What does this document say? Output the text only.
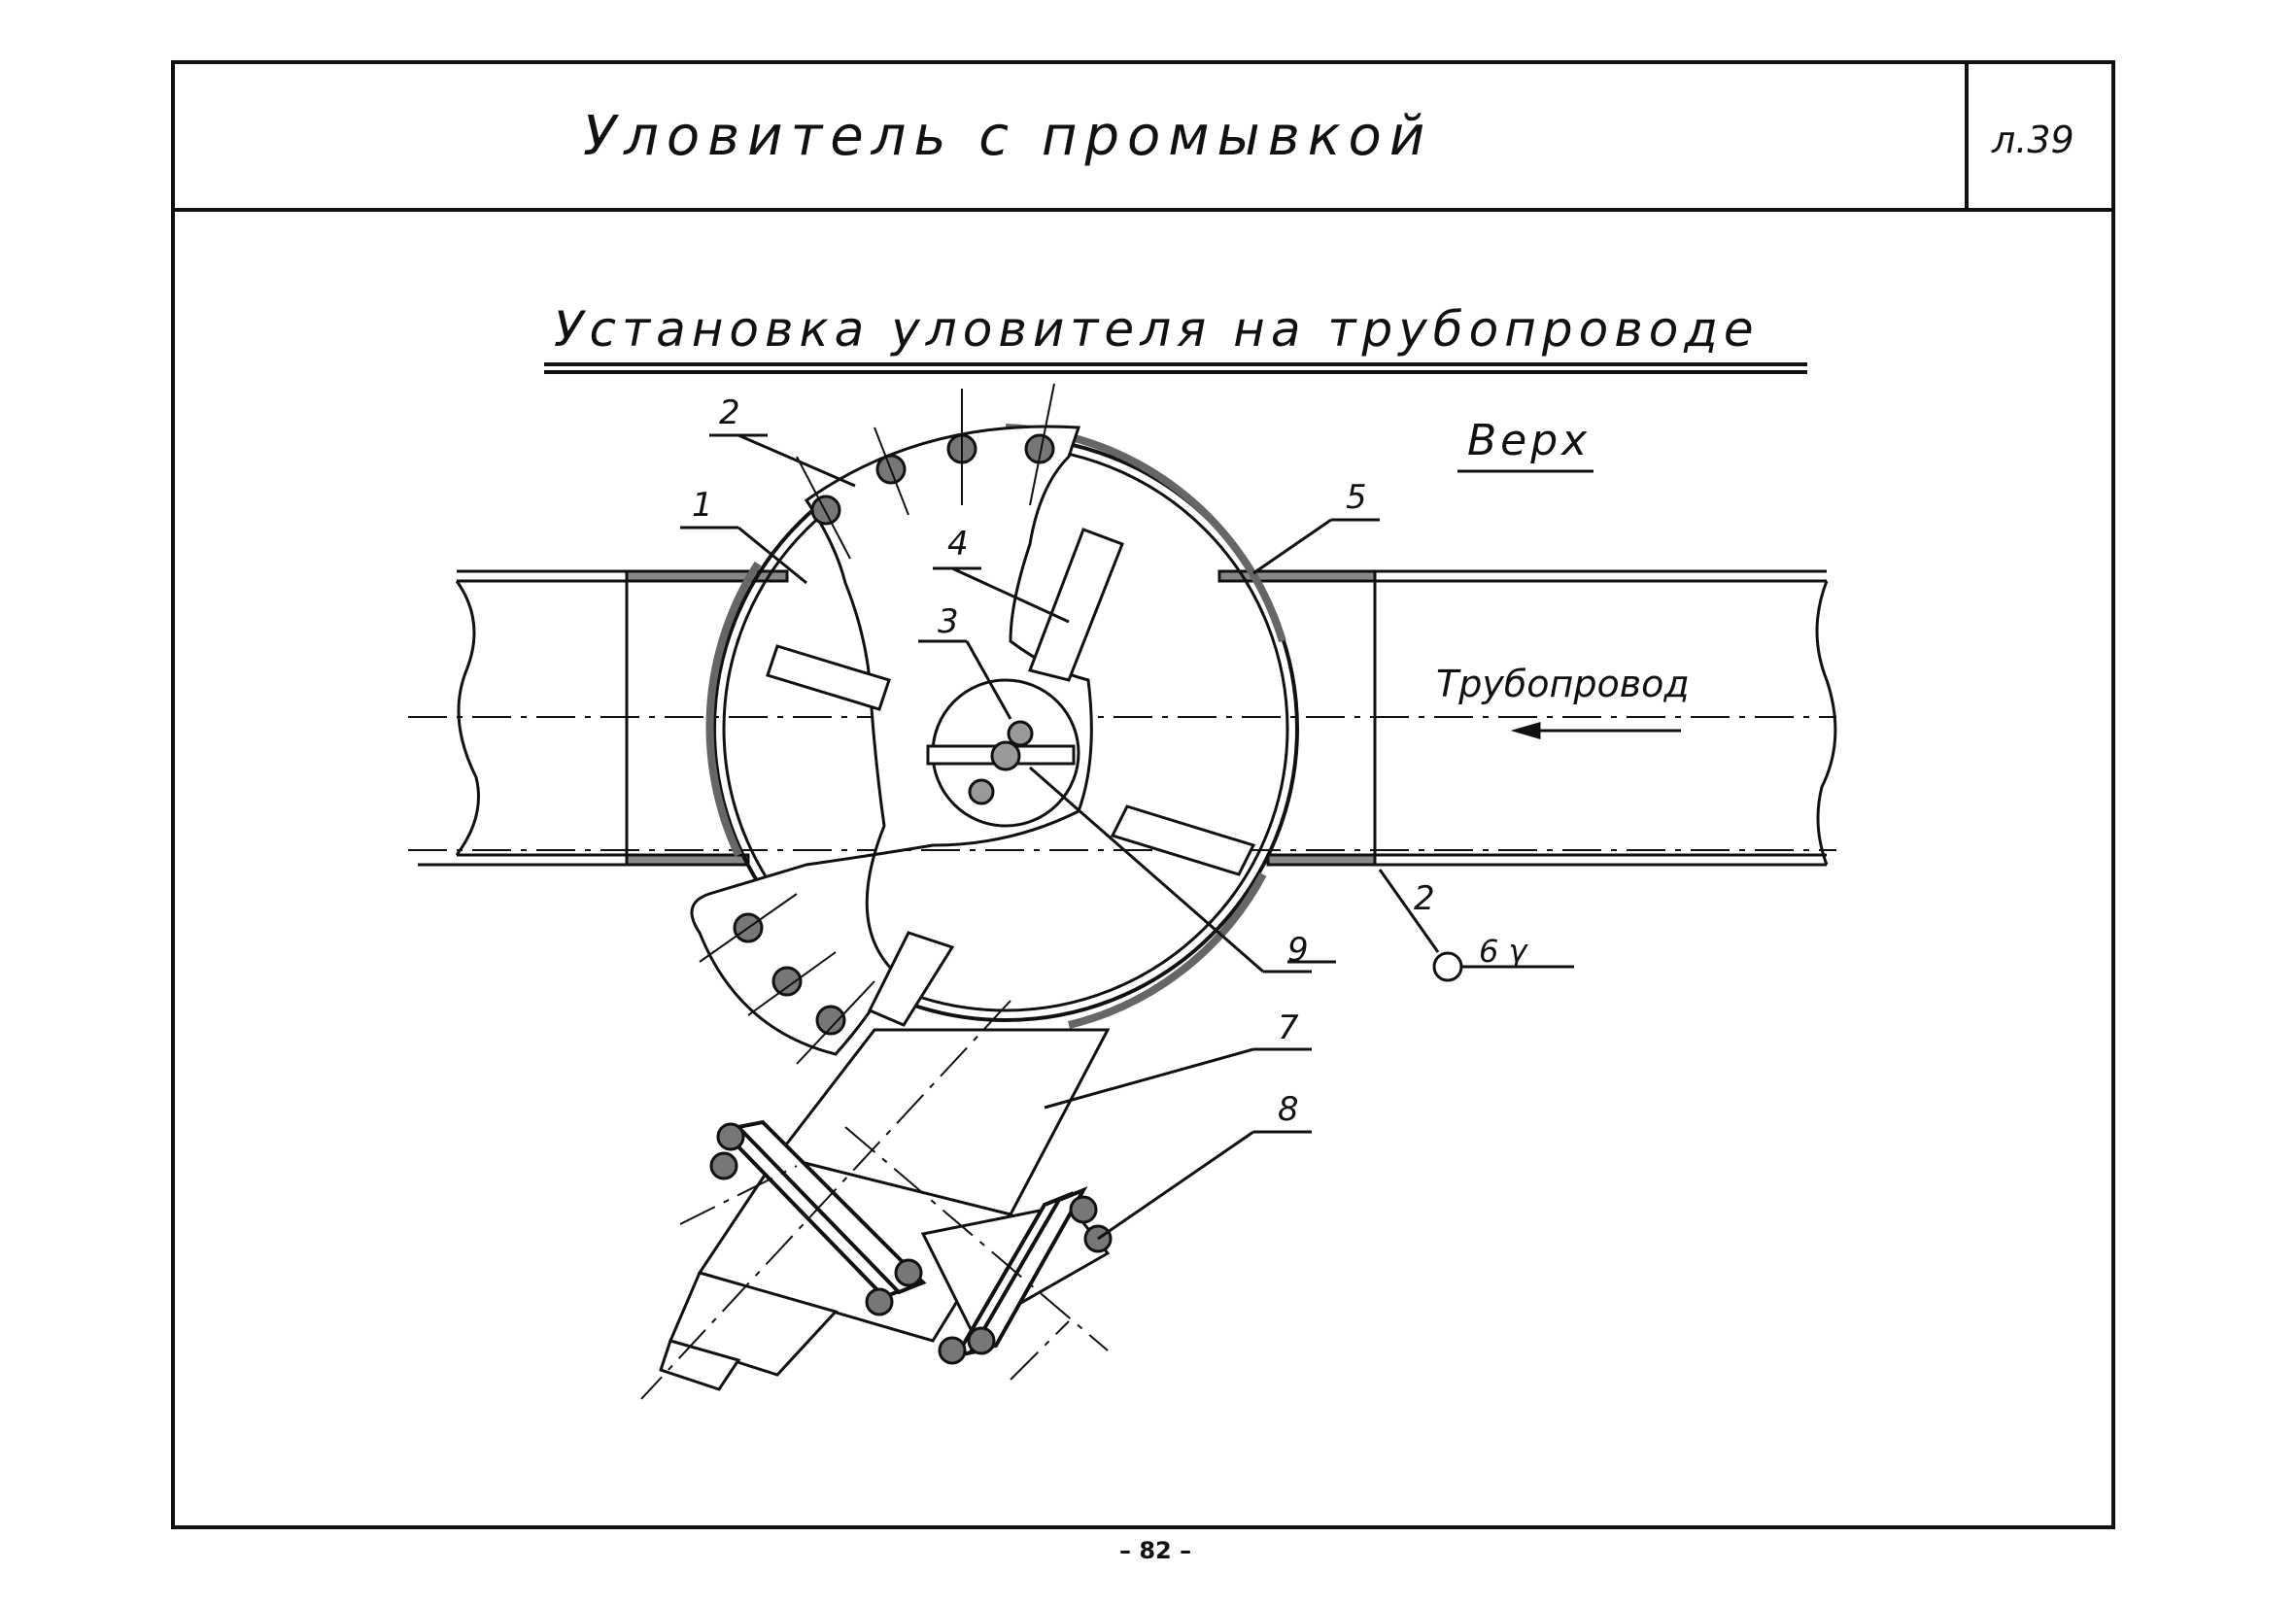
Уловитель с промывкой	л.39
Установка уловителя на трубопроводе
Верх
Трубопровод
6 γ
1
2
3
4
5
2
7
8
9
– 82 –
